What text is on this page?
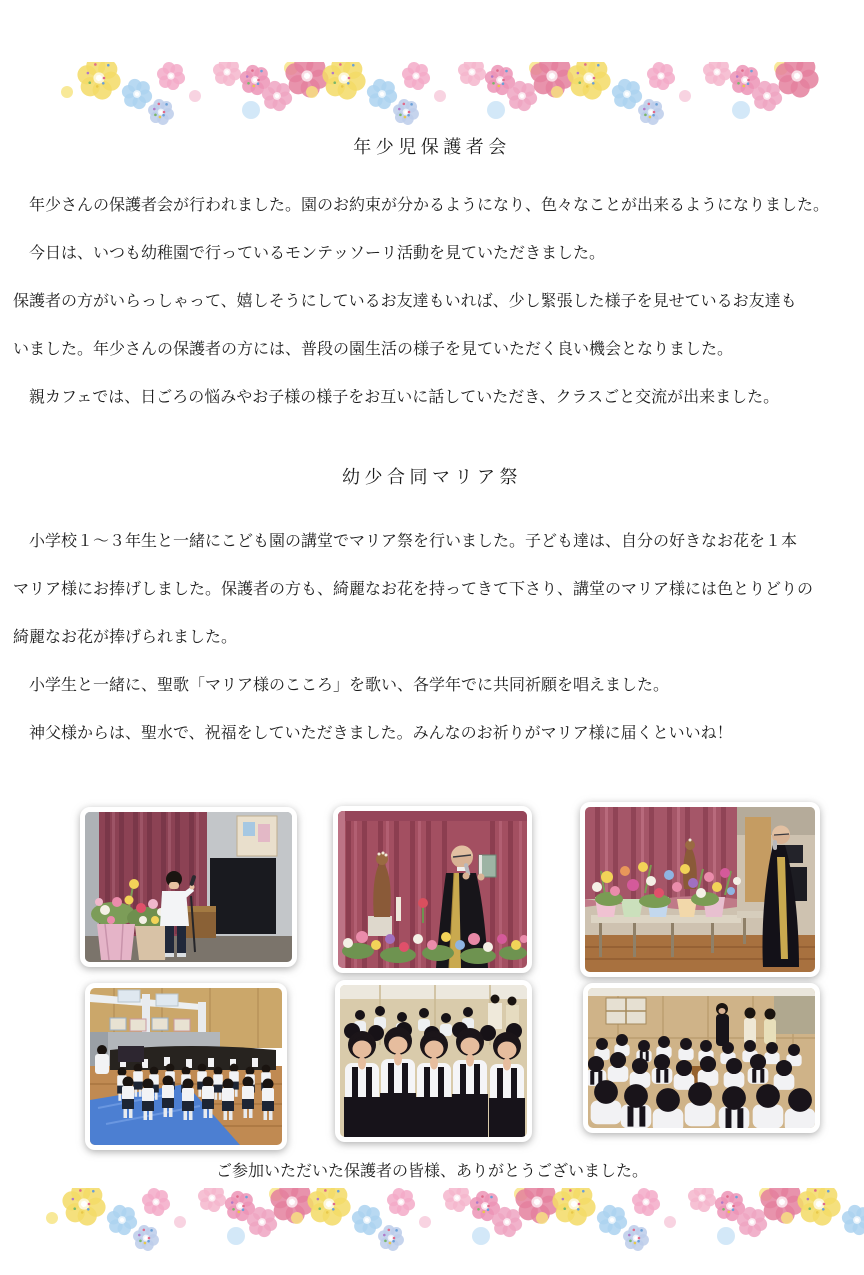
年少児保護者会
　年少さんの保護者会が行われました。園のお約束が分かるようになり、色々なことが出来るようになりました。
　今日は、いつも幼稚園で行っているモンテッソーリ活動を見ていただきました。
保護者の方がいらっしゃって、嬉しそうにしているお友達もいれば、少し緊張した様子を見せているお友達も
いました。年少さんの保護者の方には、普段の園生活の様子を見ていただく良い機会となりました。
　親カフェでは、日ごろの悩みやお子様の様子をお互いに話していただき、クラスごと交流が出来ました。
幼少合同マリア祭
　小学校１～３年生と一緒にこども園の講堂でマリア祭を行いました。子ども達は、自分の好きなお花を１本
マリア様にお捧げしました。保護者の方も、綺麗なお花を持ってきて下さり、講堂のマリア様には色とりどりの
綺麗なお花が捧げられました。
　小学生と一緒に、聖歌「マリア様のこころ」を歌い、各学年でに共同祈願を唱えました。
　神父様からは、聖水で、祝福をしていただきました。みんなのお祈りがマリア様に届くといいね！
ご参加いただいた保護者の皆様、ありがとうございました。
